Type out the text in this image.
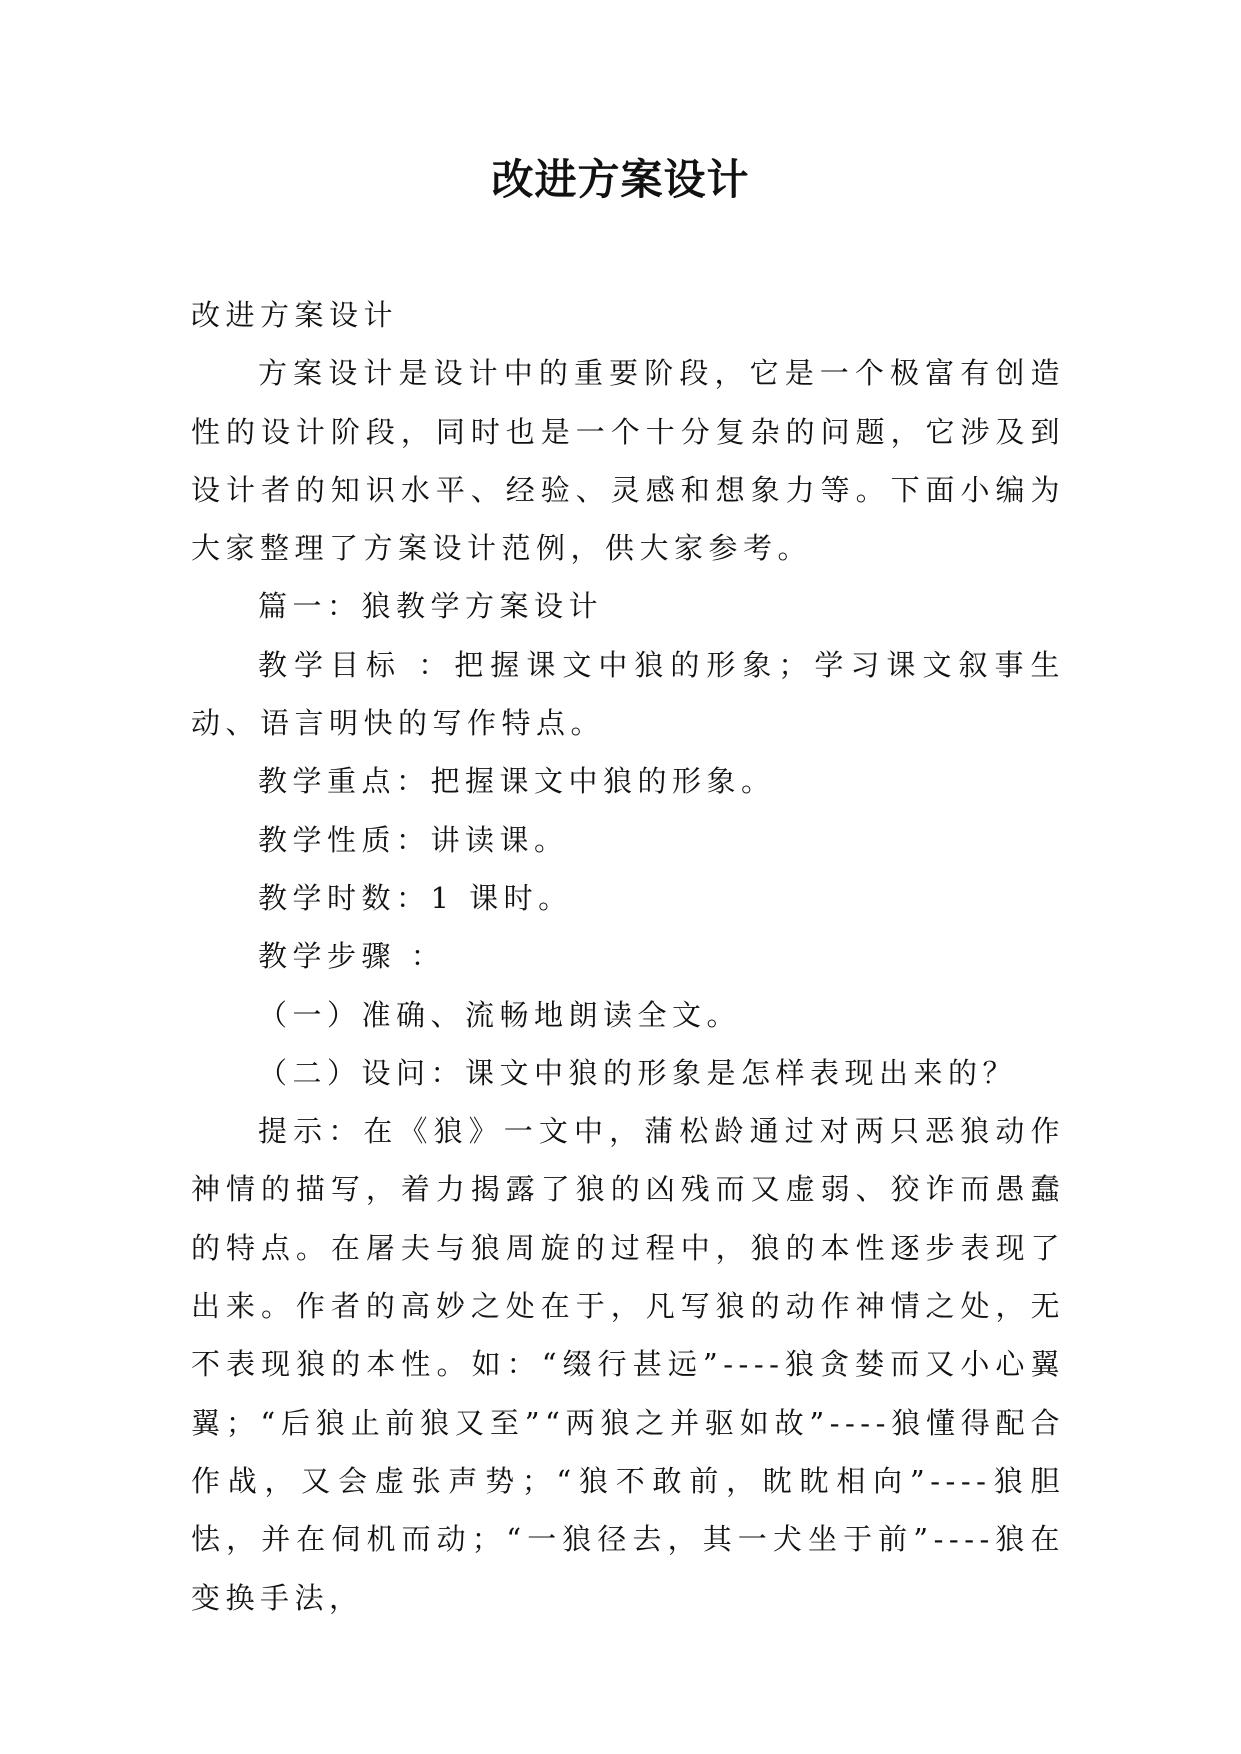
改进方案设计

改进方案设计

方案设计是设计中的重要阶段，它是一个极富有创造性的设计阶段，同时也是一个十分复杂的问题，它涉及到设计者的知识水平、经验、灵感和想象力等。下面小编为大家整理了方案设计范例，供大家参考。

篇一：狼教学方案设计

教学目标 ：把握课文中狼的形象；学习课文叙事生动、语言明快的写作特点。

教学重点：把握课文中狼的形象。

教学性质：讲读课。

教学时数：1 课时。

教学步骤 ：

（一）准确、流畅地朗读全文。

（二）设问：课文中狼的形象是怎样表现出来的？

提示：在《狼》一文中，蒲松龄通过对两只恶狼动作神情的描写，着力揭露了狼的凶残而又虚弱、狡诈而愚蠢的特点。在屠夫与狼周旋的过程中，狼的本性逐步表现了出来。作者的高妙之处在于，凡写狼的动作神情之处，无不表现狼的本性。如：“缀行甚远”----狼贪婪而又小心翼翼；“后狼止前狼又至”“两狼之并驱如故”----狼懂得配合作战，又会虚张声势；“狼不敢前，眈眈相向”----狼胆怯，并在伺机而动；“一狼径去，其一犬坐于前”----狼在变换手法，
